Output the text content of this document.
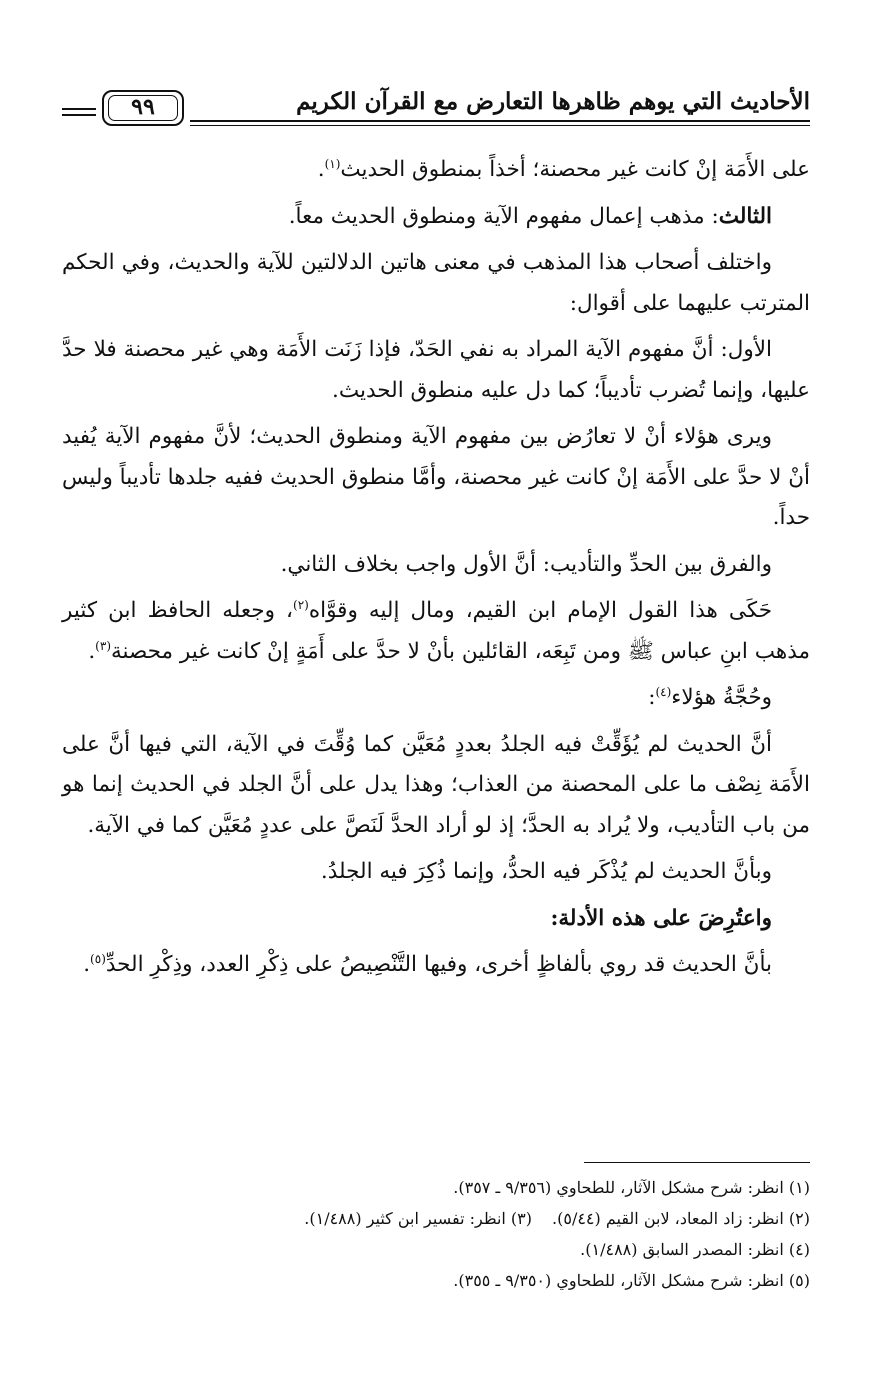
الأحاديث التي يوهم ظاهرها التعارض مع القرآن الكريم
٩٩

على الأَمَة إنْ كانت غير محصنة؛ أخذاً بمنطوق الحديث$^{(١)}$.

الثالث: مذهب إعمال مفهوم الآية ومنطوق الحديث معاً.

واختلف أصحاب هذا المذهب في معنى هاتين الدلالتين للآية والحديث، وفي الحكم المترتب عليهما على أقوال:

الأول: أنَّ مفهوم الآية المراد به نفي الحَدّ، فإذا زَنَت الأَمَة وهي غير محصنة فلا حدَّ عليها، وإنما تُضرب تأديباً؛ كما دل عليه منطوق الحديث.

ويرى هؤلاء أنْ لا تعارُض بين مفهوم الآية ومنطوق الحديث؛ لأنَّ مفهوم الآية يُفيد أنْ لا حدَّ على الأَمَة إنْ كانت غير محصنة، وأمَّا منطوق الحديث ففيه جلدها تأديباً وليس حداً.

والفرق بين الحدِّ والتأديب: أنَّ الأول واجب بخلاف الثاني.

حَكَى هذا القول الإمام ابن القيم، ومال إليه وقوَّاه$^{(٢)}$، وجعله الحافظ ابن كثير مذهب ابنِ عباس ﷺ ومن تَبِعَه، القائلين بأنْ لا حدَّ على أَمَةٍ إنْ كانت غير محصنة$^{(٣)}$.

وحُجَّةُ هؤلاء$^{(٤)}$:

أنَّ الحديث لم يُؤَقِّتْ فيه الجلدُ بعددٍ مُعَيَّن كما وُقِّتَ في الآية، التي فيها أنَّ على الأَمَة نِصْف ما على المحصنة من العذاب؛ وهذا يدل على أنَّ الجلد في الحديث إنما هو من باب التأديب، ولا يُراد به الحدَّ؛ إذ لو أراد الحدَّ لَنَصَّ على عددٍ مُعَيَّن كما في الآية.

وبأنَّ الحديث لم يُذْكَر فيه الحدُّ، وإنما ذُكِرَ فيه الجلدُ.

واعتُرِضَ على هذه الأدلة:

بأنَّ الحديث قد روي بألفاظٍ أخرى، وفيها التَّنْصِيصُ على ذِكْرِ العدد، وذِكْرِ الحدِّ$^{(٥)}$.

(١) انظر: شرح مشكل الآثار، للطحاوي (٩/٣٥٦ ـ ٣٥٧).
(٢) انظر: زاد المعاد، لابن القيم (٥/٤٤).(٣) انظر: تفسير ابن كثير (١/٤٨٨).
(٤) انظر: المصدر السابق (١/٤٨٨).
(٥) انظر: شرح مشكل الآثار، للطحاوي (٩/٣٥٠ ـ ٣٥٥).
